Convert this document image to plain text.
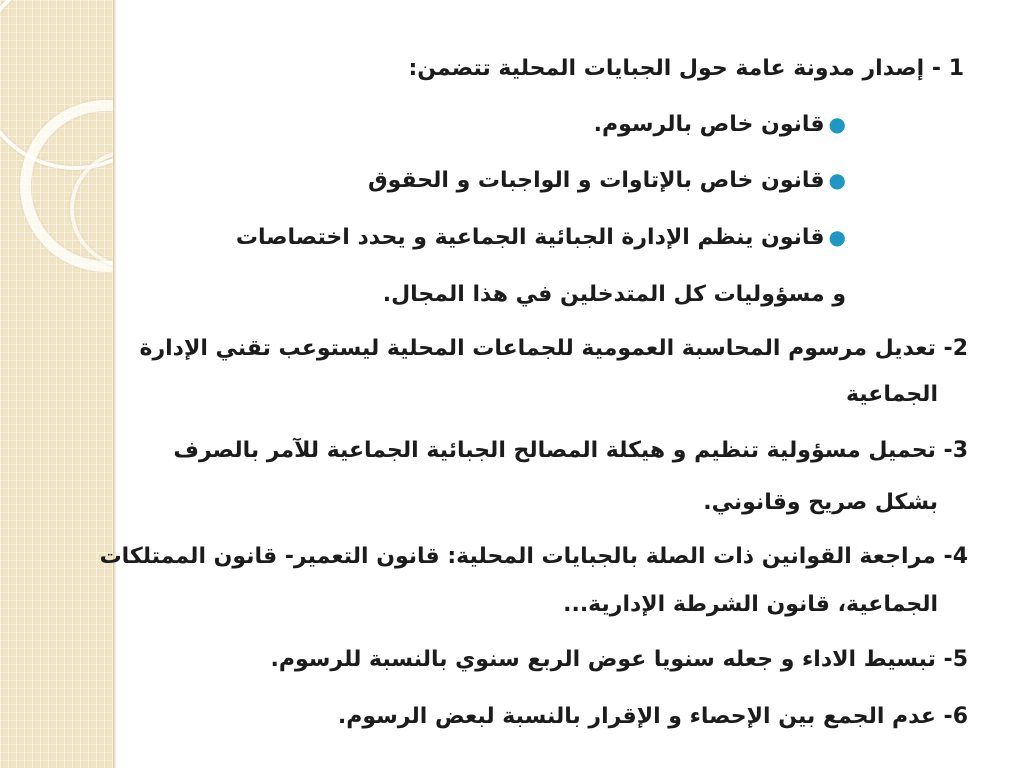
1 - إصدار مدونة عامة حول الجبايات المحلية تتضمن:
●قانون خاص بالرسوم.
●قانون خاص بالإتاوات و الواجبات و الحقوق
●قانون ينظم الإدارة الجبائية الجماعية و يحدد اختصاصات
و مسؤوليات كل المتدخلين في هذا المجال.
2- تعديل مرسوم المحاسبة العمومية للجماعات المحلية ليستوعب تقني الإدارة
الجماعية
3- تحميل مسؤولية تنظيم و هيكلة المصالح الجبائية الجماعية للآمر بالصرف
بشكل صريح وقانوني.
4- مراجعة القوانين ذات الصلة بالجبايات المحلية: قانون التعمير- قانون الممتلكات
الجماعية، قانون الشرطة الإدارية...
5- تبسيط الاداء و جعله سنويا عوض الربع سنوي بالنسبة للرسوم.
6- عدم الجمع بين الإحصاء و الإقرار بالنسبة لبعض الرسوم.
